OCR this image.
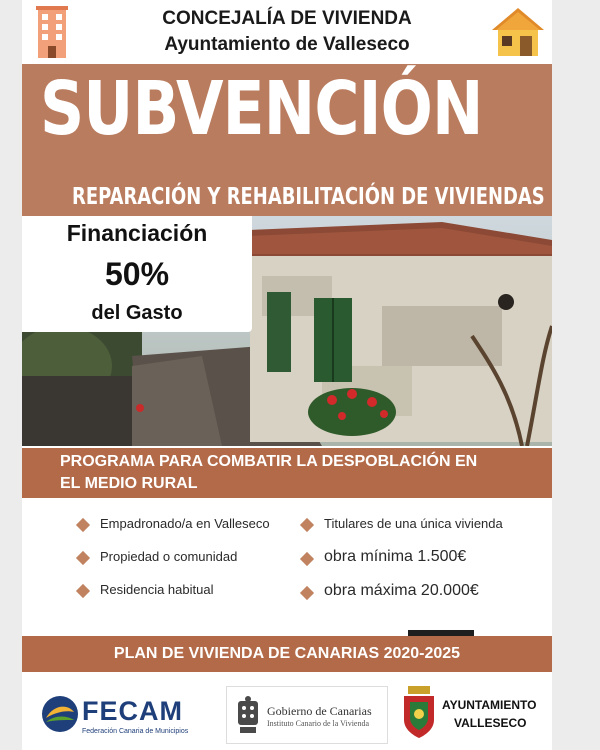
CONCEJALÍA DE VIVIENDA
Ayuntamiento de Valleseco
SUBVENCIÓN
REPARACIÓN Y REHABILITACIÓN DE VIVIENDAS
Financiación
50%
del Gasto
PROGRAMA PARA COMBATIR LA DESPOBLACIÓN EN
EL MEDIO RURAL
Empadronado/a en Valleseco
Propiedad o comunidad
Residencia habitual
Titulares de una única vivienda
obra mínima 1.500€
obra máxima 20.000€
PLAN DE VIVIENDA DE CANARIAS 2020-2025
FECAM
Federación Canaria de Municipios
Gobierno de Canarias
Instituto Canario de la Vivienda
AYUNTAMIENTO
VALLESECO
